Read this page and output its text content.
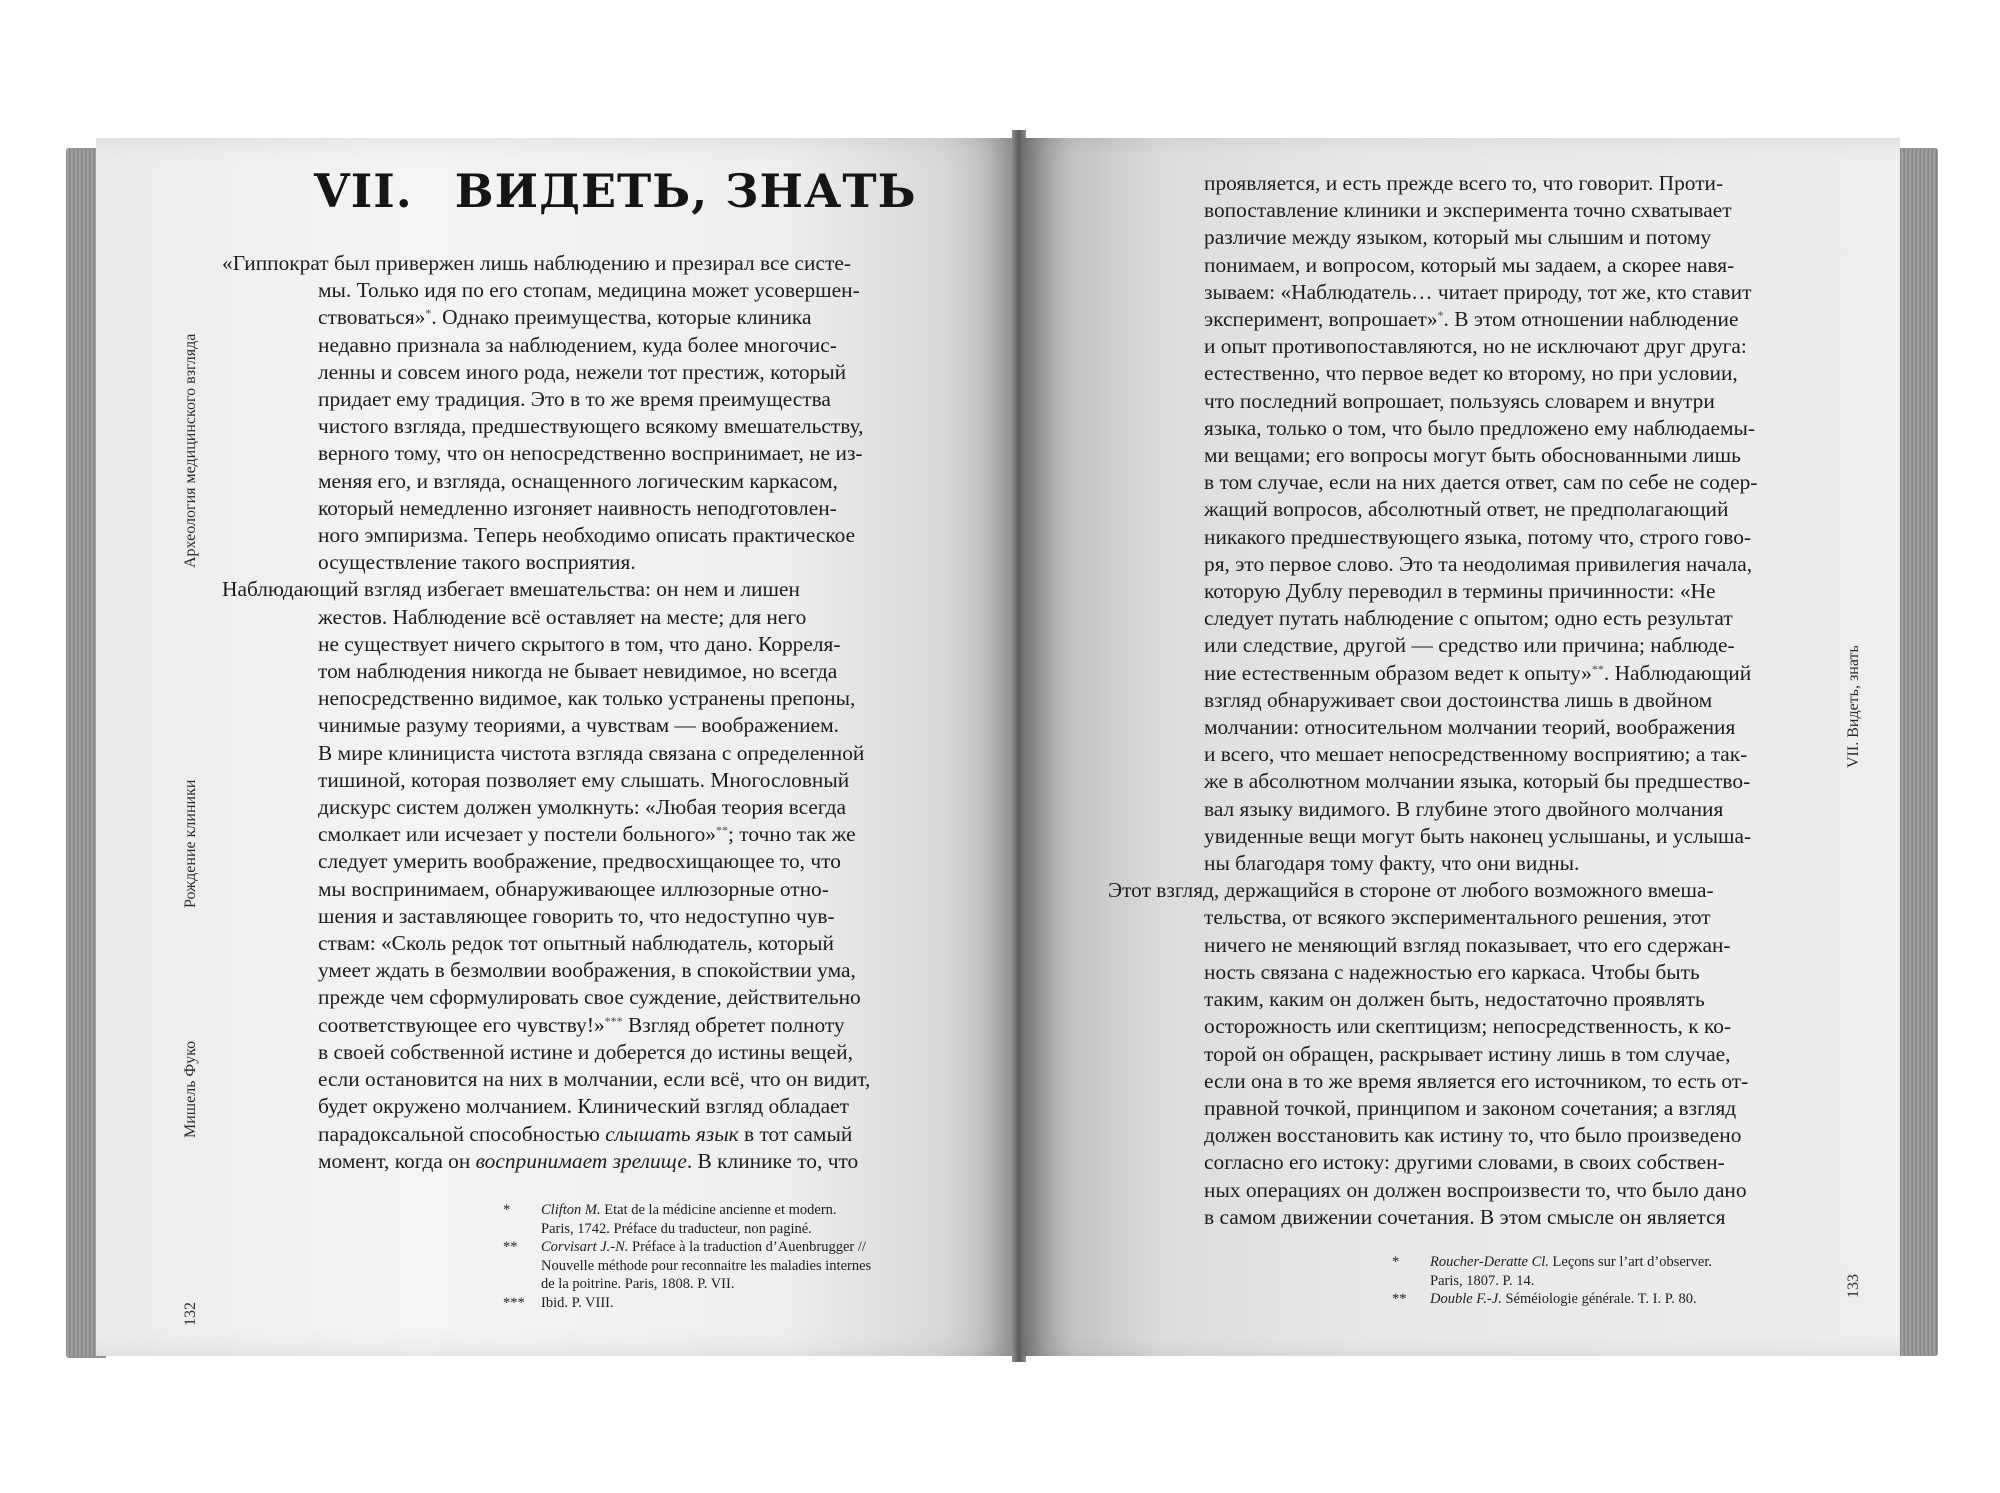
Археология медицинского взгляда
Рождение клиники
Мишель Фуко
132
VII. ВИДЕТЬ, ЗНАТЬ

«Гиппократ был привержен лишь наблюдению и презирал все систе-
мы. Только идя по его стопам, медицина может усовершен-
ствоваться»*. Однако преимущества, которые клиника
недавно признала за наблюдением, куда более многочис-
ленны и совсем иного рода, нежели тот престиж, который
придает ему традиция. Это в то же время преимущества
чистого взгляда, предшествующего всякому вмешательству,
верного тому, что он непосредственно воспринимает, не из-
меняя его, и взгляда, оснащенного логическим каркасом,
который немедленно изгоняет наивность неподготовлен-
ного эмпиризма. Теперь необходимо описать практическое
осуществление такого восприятия.

Наблюдающий взгляд избегает вмешательства: он нем и лишен
жестов. Наблюдение всё оставляет на месте; для него
не существует ничего скрытого в том, что дано. Корреля-
том наблюдения никогда не бывает невидимое, но всегда
непосредственно видимое, как только устранены препоны,
чинимые разуму теориями, а чувствам — воображением.
В мире клинициста чистота взгляда связана с определенной
тишиной, которая позволяет ему слышать. Многословный
дискурс систем должен умолкнуть: «Любая теория всегда
смолкает или исчезает у постели больного»**; точно так же
следует умерить воображение, предвосхищающее то, что
мы воспринимаем, обнаруживающее иллюзорные отно-
шения и заставляющее говорить то, что недоступно чув-
ствам: «Сколь редок тот опытный наблюдатель, который
умеет ждать в безмолвии воображения, в спокойствии ума,
прежде чем сформулировать свое суждение, действительно
соответствующее его чувству!»*** Взгляд обретет полноту
в своей собственной истине и доберется до истины вещей,
если остановится на них в молчании, если всё, что он видит,
будет окружено молчанием. Клинический взгляд обладает
парадоксальной способностью слышать язык в тот самый
момент, когда он воспринимает зрелище. В клинике то, что

* Clifton M. Etat de la médicine ancienne et modern.
Paris, 1742. Préface du traducteur, non paginé.
** Corvisart J.-N. Préface à la traduction d’Auenbrugger //
Nouvelle méthode pour reconnaitre les maladies internes
de la poitrine. Paris, 1808. P. VII.
*** Ibid. P. VIII.

проявляется, и есть прежде всего то, что говорит. Проти-
вопоставление клиники и эксперимента точно схватывает
различие между языком, который мы слышим и потому
понимаем, и вопросом, который мы задаем, а скорее навя-
зываем: «Наблюдатель… читает природу, тот же, кто ставит
эксперимент, вопрошает»*. В этом отношении наблюдение
и опыт противопоставляются, но не исключают друг друга:
естественно, что первое ведет ко второму, но при условии,
что последний вопрошает, пользуясь словарем и внутри
языка, только о том, что было предложено ему наблюдаемы-
ми вещами; его вопросы могут быть обоснованными лишь
в том случае, если на них дается ответ, сам по себе не содер-
жащий вопросов, абсолютный ответ, не предполагающий
никакого предшествующего языка, потому что, строго гово-
ря, это первое слово. Это та неодолимая привилегия начала,
которую Дублу переводил в термины причинности: «Не
следует путать наблюдение с опытом; одно есть результат
или следствие, другой — средство или причина; наблюде-
ние естественным образом ведет к опыту»**. Наблюдающий
взгляд обнаруживает свои достоинства лишь в двойном
молчании: относительном молчании теорий, воображения
и всего, что мешает непосредственному восприятию; а так-
же в абсолютном молчании языка, который бы предшество-
вал языку видимого. В глубине этого двойного молчания
увиденные вещи могут быть наконец услышаны, и услыша-
ны благодаря тому факту, что они видны.

Этот взгляд, держащийся в стороне от любого возможного вмеша-
тельства, от всякого экспериментального решения, этот
ничего не меняющий взгляд показывает, что его сдержан-
ность связана с надежностью его каркаса. Чтобы быть
таким, каким он должен быть, недостаточно проявлять
осторожность или скептицизм; непосредственность, к ко-
торой он обращен, раскрывает истину лишь в том случае,
если она в то же время является его источником, то есть от-
правной точкой, принципом и законом сочетания; а взгляд
должен восстановить как истину то, что было произведено
согласно его истоку: другими словами, в своих собствен-
ных операциях он должен воспроизвести то, что было дано
в самом движении сочетания. В этом смысле он является

* Roucher-Deratte Cl. Leçons sur l’art d’observer.
Paris, 1807. P. 14.
** Double F.-J. Séméiologie générale. T. I. P. 80.
VII. Видеть, знать
133
